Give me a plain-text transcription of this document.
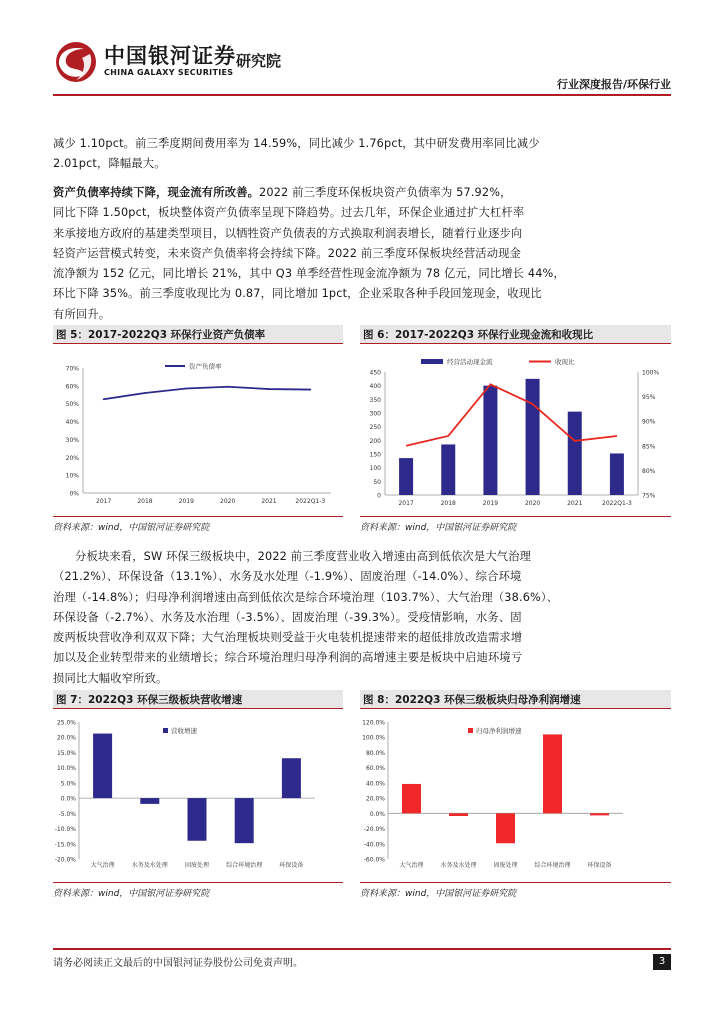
中国银河证券
CHINA GALAXY SECURITIES
研究院
行业深度报告/环保行业
减少 1.10pct。前三季度期间费用率为 14.59%，同比减少 1.76pct，其中研发费用率同比减少
2.01pct，降幅最大。
资产负债率持续下降，现金流有所改善。2022 前三季度环保板块资产负债率为 57.92%，
同比下降 1.50pct，板块整体资产负债率呈现下降趋势。过去几年，环保企业通过扩大杠杆率
来承接地方政府的基建类型项目，以牺牲资产负债表的方式换取利润表增长，随着行业逐步向
轻资产运营模式转变，未来资产负债率将会持续下降。2022 前三季度环保板块经营活动现金
流净额为 152 亿元，同比增长 21%，其中 Q3 单季经营性现金流净额为 78 亿元，同比增长 44%，
环比下降 35%。前三季度收现比为 0.87，同比增加 1pct，企业采取各种手段回笼现金，收现比
有所回升。
图 5：2017-2022Q3 环保行业资产负债率
0%
10%
20%
30%
40%
50%
60%
70%
2017	2018	2019	2020	2021	2022Q1-3
资产负债率
资料来源：wind，中国银河证券研究院
图 6：2017-2022Q3 环保行业现金流和收现比
0
50
100
150
200
250
300
350
400
450
75%
80%
85%
90%
95%
100%
2017	2018	2019	2020	2021	2022Q1-3
经营活动现金流	收现比
资料来源：wind，中国银河证券研究院
分板块来看，SW 环保三级板块中，2022 前三季度营业收入增速由高到低依次是大气治理
（21.2%）、环保设备（13.1%）、水务及水处理（-1.9%）、固废治理（-14.0%）、综合环境
治理（-14.8%）；归母净利润增速由高到低依次是综合环境治理（103.7%）、大气治理（38.6%）、
环保设备（-2.7%）、水务及水治理（-3.5%）、固废治理（-39.3%）。受疫情影响，水务、固
废两板块营收净利双双下降；大气治理板块则受益于火电装机提速带来的超低排放改造需求增
加以及企业转型带来的业绩增长；综合环境治理归母净利润的高增速主要是板块中启迪环境亏
损同比大幅收窄所致。
图 7：2022Q3 环保三级板块营收增速
25.0%
20.0%
15.0%
10.0%
5.0%
0.0%
-5.0%
-10.0%
-15.0%
-20.0%
大气治理	水务及水处理	固废处理	综合环境治理	环保设备
营收增速
资料来源：wind，中国银河证券研究院
图 8：2022Q3 环保三级板块归母净利润增速
120.0%
100.0%
80.0%
60.0%
40.0%
20.0%
0.0%
-20.0%
-40.0%
-60.0%
大气治理	水务及水处理	固废处理	综合环境治理	环保设备
归母净利润增速
资料来源：wind，中国银河证券研究院
请务必阅读正文最后的中国银河证券股份公司免责声明。	3
